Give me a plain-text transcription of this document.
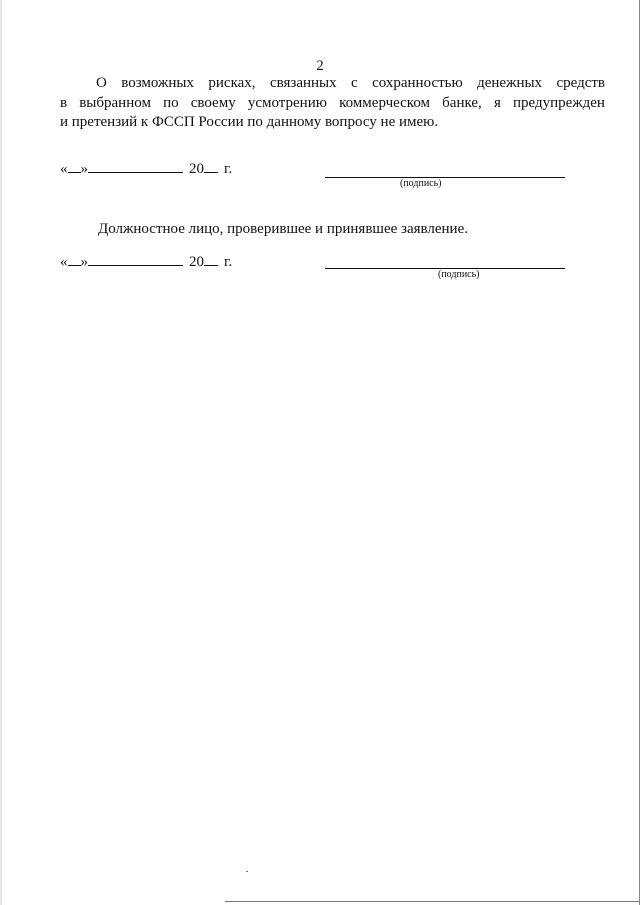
2
О возможных рисках, связанных с сохранностью денежных средств
в выбранном по своему усмотрению коммерческом банке, я предупрежден
и претензий к ФССП России по данному вопросу не имею.
« »	20 г.
(подпись)
Должностное лицо, проверившее и принявшее заявление.
« »	20 г.
(подпись)
